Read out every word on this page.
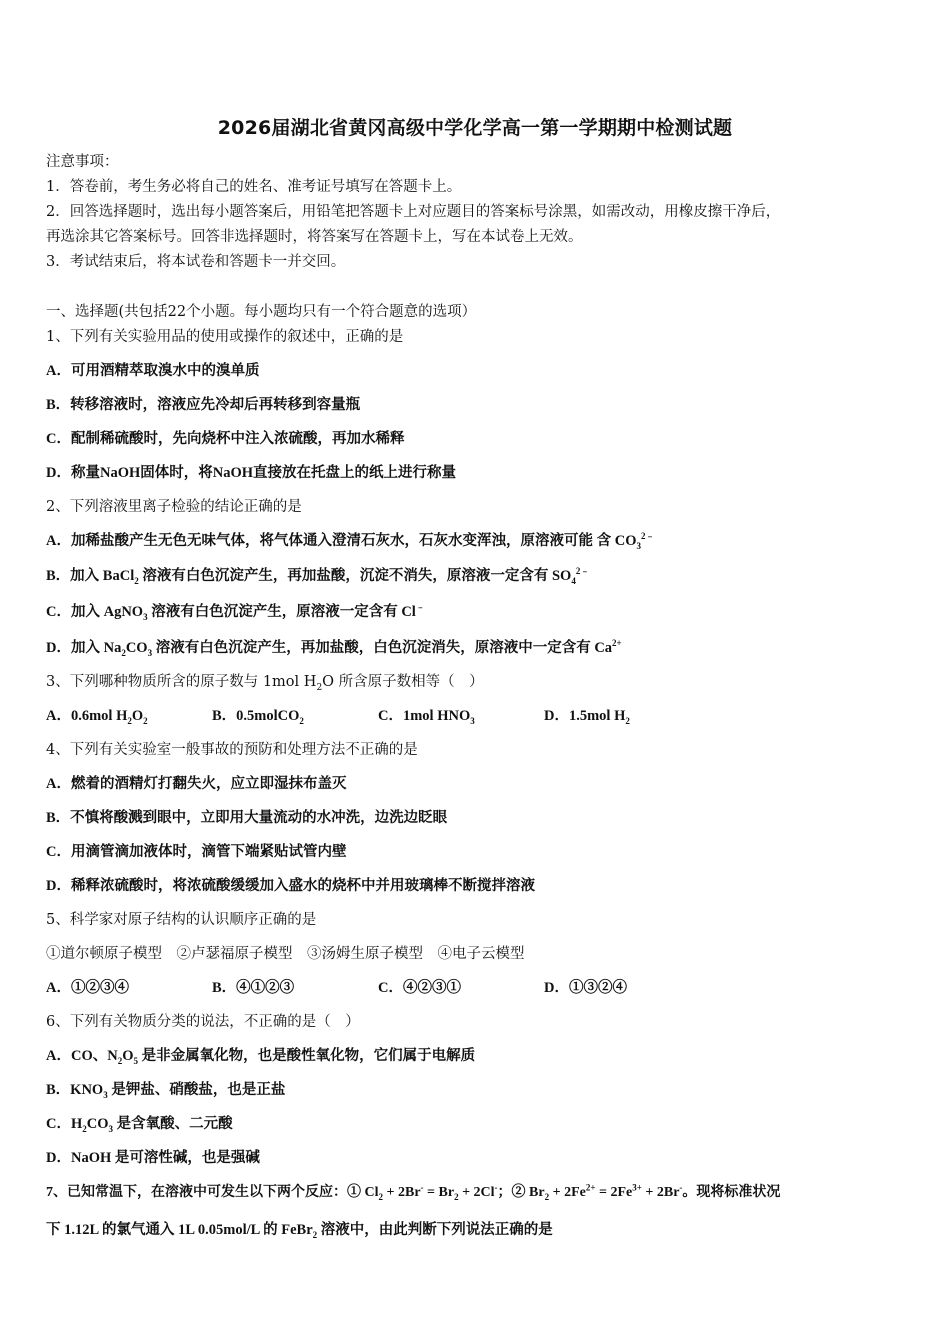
2026届湖北省黄冈高级中学化学高一第一学期期中检测试题
注意事项：
1．答卷前，考生务必将自己的姓名、准考证号填写在答题卡上。
2．回答选择题时，选出每小题答案后，用铅笔把答题卡上对应题目的答案标号涂黑，如需改动，用橡皮擦干净后，
再选涂其它答案标号。回答非选择题时，将答案写在答题卡上，写在本试卷上无效。
3．考试结束后，将本试卷和答题卡一并交回。
一、选择题(共包括22个小题。每小题均只有一个符合题意的选项）
1、下列有关实验用品的使用或操作的叙述中，正确的是
A．可用酒精萃取溴水中的溴单质
B．转移溶液时，溶液应先冷却后再转移到容量瓶
C．配制稀硫酸时，先向烧杯中注入浓硫酸，再加水稀释
D．称量NaOH固体时，将NaOH直接放在托盘上的纸上进行称量
2、下列溶液里离子检验的结论正确的是
A．加稀盐酸产生无色无味气体，将气体通入澄清石灰水，石灰水变浑浊，原溶液可能 含 $CO_3^{2﹣}$
B．加入 BaCl$_2$ 溶液有白色沉淀产生，再加盐酸，沉淀不消失，原溶液一定含有 $SO_4^{2﹣}$
C．加入 AgNO$_3$ 溶液有白色沉淀产生，原溶液一定含有 Cl﹣
D．加入 $Na_2CO_3$ 溶液有白色沉淀产生，再加盐酸，白色沉淀消失，原溶液中一定含有 $Ca^{2+}$
3、下列哪种物质所含的原子数与 1mol $H_2O$ 所含原子数相等（　）
A．0.6mol $H_2O_2$	B．0.5molCO$_2$	C．1mol $HNO_3$	D．1.5mol $H_2$
4、下列有关实验室一般事故的预防和处理方法不正确的是
A．燃着的酒精灯打翻失火，应立即湿抹布盖灭
B．不慎将酸溅到眼中，立即用大量流动的水冲洗，边洗边眨眼
C．用滴管滴加液体时，滴管下端紧贴试管内壁
D．稀释浓硫酸时，将浓硫酸缓缓加入盛水的烧杯中并用玻璃棒不断搅拌溶液
5、科学家对原子结构的认识顺序正确的是
①道尔顿原子模型　②卢瑟福原子模型　③汤姆生原子模型　④电子云模型
A．①②③④	B．④①②③	C．④②③①	D．①③②④
6、下列有关物质分类的说法，不正确的是（　）
A．CO、$N_2O_5$ 是非金属氧化物，也是酸性氧化物，它们属于电解质
B．$KNO_3$ 是钾盐、硝酸盐，也是正盐
C．$H_2CO_3$ 是含氧酸、二元酸
D．NaOH 是可溶性碱，也是强碱
7、已知常温下，在溶液中可发生以下两个反应：① $Cl_2 + 2Br^- = Br_2 + 2Cl^-$；② $Br_2 + 2Fe^{2+} = 2Fe^{3+} + 2Br^-$。现将标准状况
下 1.12L 的氯气通入 1L 0.05mol/L 的 FeBr$_2$ 溶液中，由此判断下列说法正确的是
